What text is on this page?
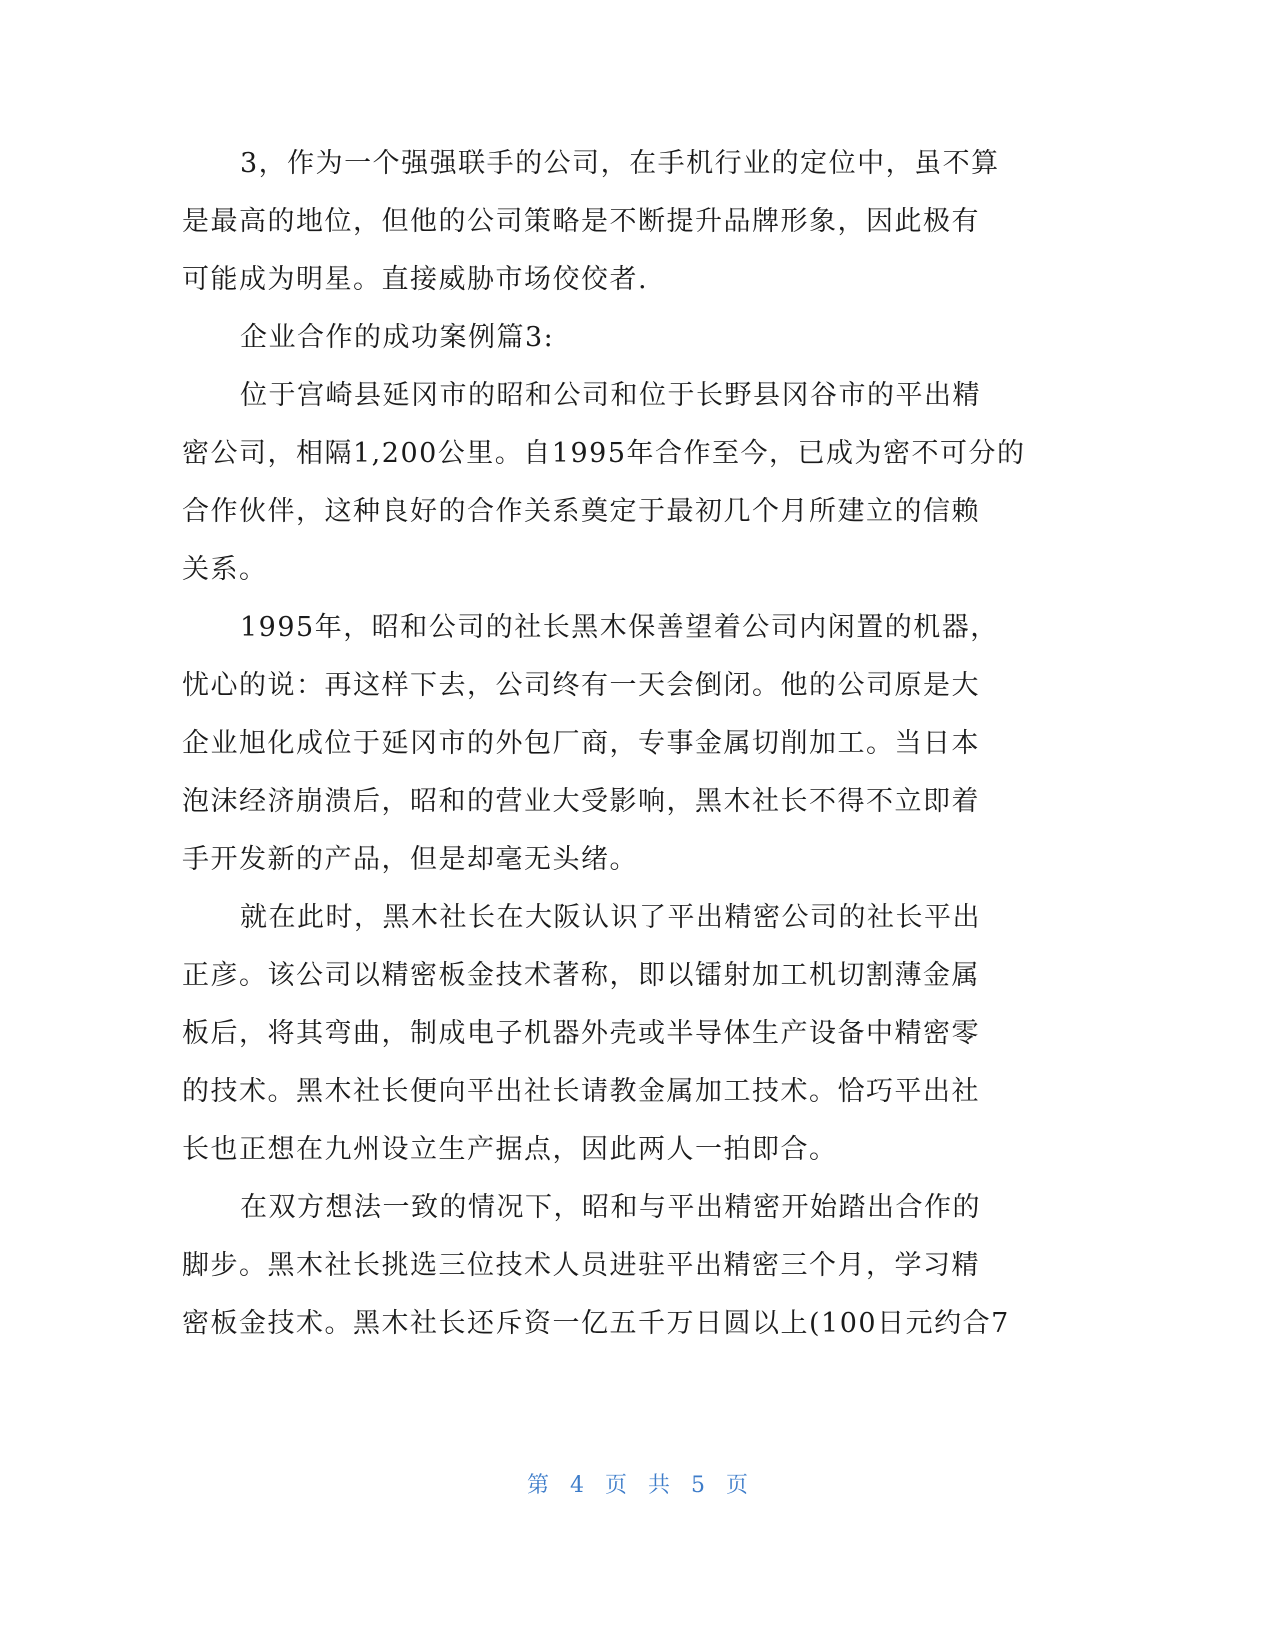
3，作为一个强强联手的公司，在手机行业的定位中，虽不算
是最高的地位，但他的公司策略是不断提升品牌形象，因此极有
可能成为明星。直接威胁市场佼佼者.
企业合作的成功案例篇3:
位于宫崎县延冈市的昭和公司和位于长野县冈谷市的平出精
密公司，相隔1,200公里。自1995年合作至今，已成为密不可分的
合作伙伴，这种良好的合作关系奠定于最初几个月所建立的信赖
关系。
1995年，昭和公司的社长黑木保善望着公司内闲置的机器，
忧心的说：再这样下去，公司终有一天会倒闭。他的公司原是大
企业旭化成位于延冈市的外包厂商，专事金属切削加工。当日本
泡沫经济崩溃后，昭和的营业大受影响，黑木社长不得不立即着
手开发新的产品，但是却毫无头绪。
就在此时，黑木社长在大阪认识了平出精密公司的社长平出
正彦。该公司以精密板金技术著称，即以镭射加工机切割薄金属
板后，将其弯曲，制成电子机器外壳或半导体生产设备中精密零
的技术。黑木社长便向平出社长请教金属加工技术。恰巧平出社
长也正想在九州设立生产据点，因此两人一拍即合。
在双方想法一致的情况下，昭和与平出精密开始踏出合作的
脚步。黑木社长挑选三位技术人员进驻平出精密三个月，学习精
密板金技术。黑木社长还斥资一亿五千万日圆以上(100日元约合7
第 4 页 共 5 页
